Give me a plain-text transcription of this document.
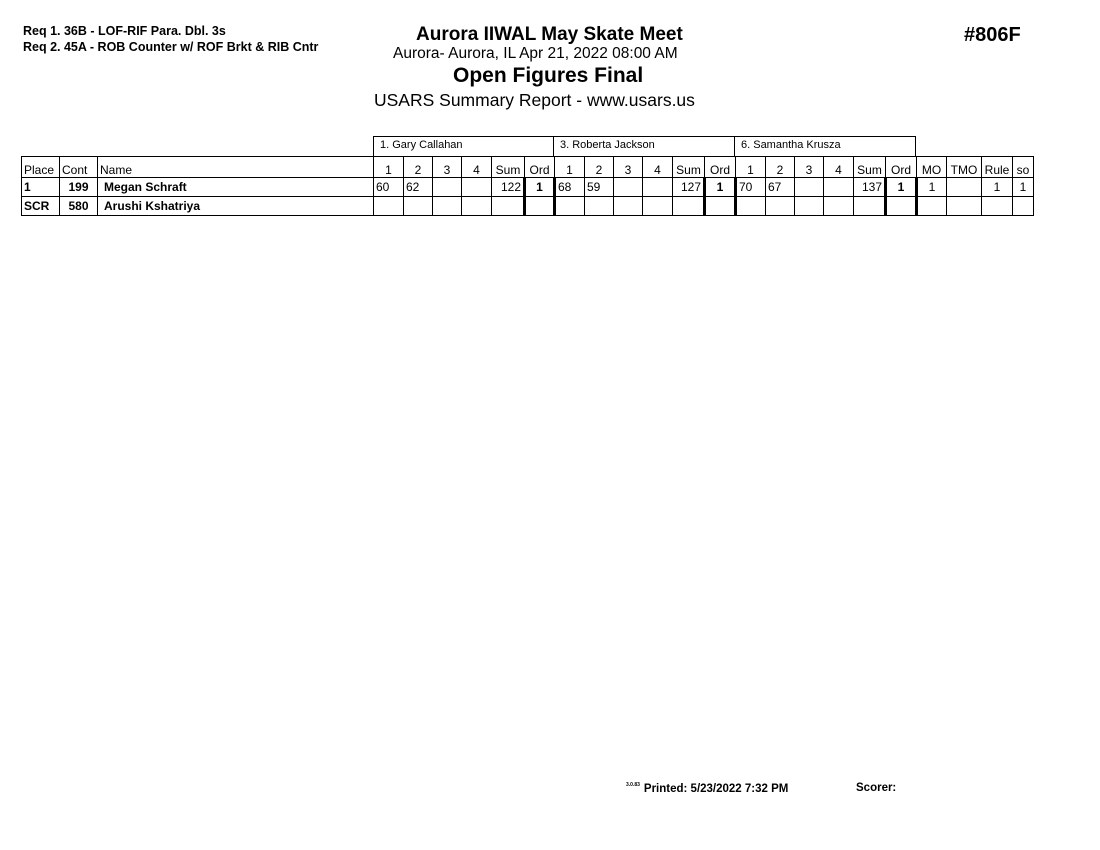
Req 1. 36B - LOF-RIF Para. Dbl. 3s
Req 2. 45A - ROB Counter w/ ROF Brkt & RIB Cntr
Aurora IIWAL May Skate Meet
Aurora- Aurora, IL Apr 21, 2022 08:00 AM
Open Figures Final
USARS Summary Report - www.usars.us
#806F
1. Gary Callahan	3. Roberta Jackson	6. Samantha Krusza
Place	Cont	Name	1	2	3	4	Sum	Ord	1	2	3	4	Sum	Ord	1	2	3	4	Sum	Ord	MO	TMO	Rule	so
1	199	Megan Schraft	60	62			122	1	68	59			127	1	70	67			137	1	1		1	1
SCR	580	Arushi Kshatriya																						
$^{3.0.83}$ Printed: 5/23/2022 7:32 PM	Scorer:
